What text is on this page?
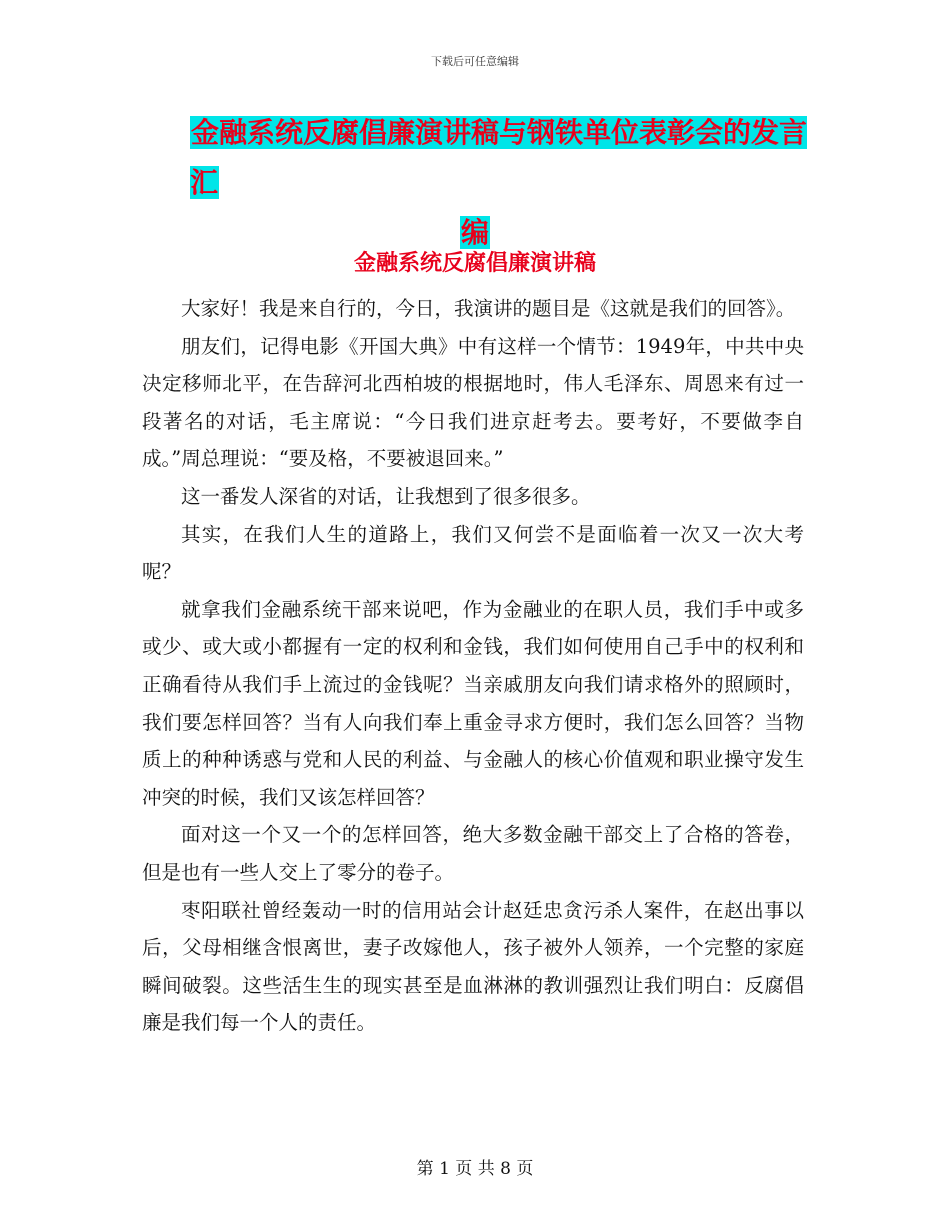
下载后可任意编辑
金融系统反腐倡廉演讲稿与钢铁单位表彰会的发言汇
编
金融系统反腐倡廉演讲稿

大家好！我是来自行的，今日，我演讲的题目是《这就是我们的回答》。

朋友们，记得电影《开国大典》中有这样一个情节：1949年，中共中央决定移师北平，在告辞河北西柏坡的根据地时，伟人毛泽东、周恩来有过一段著名的对话，毛主席说：“今日我们进京赶考去。要考好，不要做李自成。”周总理说：“要及格，不要被退回来。”

这一番发人深省的对话，让我想到了很多很多。

其实，在我们人生的道路上，我们又何尝不是面临着一次又一次大考呢？

就拿我们金融系统干部来说吧，作为金融业的在职人员，我们手中或多或少、或大或小都握有一定的权利和金钱，我们如何使用自己手中的权利和正确看待从我们手上流过的金钱呢？当亲戚朋友向我们请求格外的照顾时，我们要怎样回答？当有人向我们奉上重金寻求方便时，我们怎么回答？当物质上的种种诱惑与党和人民的利益、与金融人的核心价值观和职业操守发生冲突的时候，我们又该怎样回答？

面对这一个又一个的怎样回答，绝大多数金融干部交上了合格的答卷，但是也有一些人交上了零分的卷子。

枣阳联社曾经轰动一时的信用站会计赵廷忠贪污杀人案件，在赵出事以后，父母相继含恨离世，妻子改嫁他人，孩子被外人领养，一个完整的家庭瞬间破裂。这些活生生的现实甚至是血淋淋的教训强烈让我们明白：反腐倡廉是我们每一个人的责任。

第 1 页 共 8 页
